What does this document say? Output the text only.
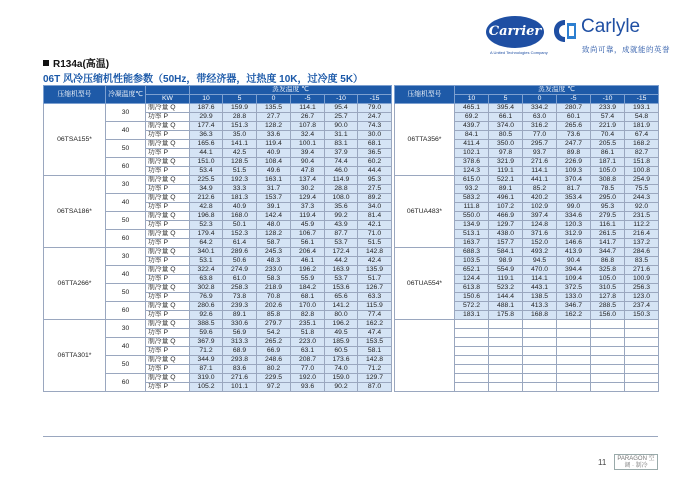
Carrier
A United Technologies Company
Carlyle
致尚可靠，成就能的英誉
R134a(高温)
06T 风冷压缩机性能参数（50Hz，带经济器，过热度 10K，过冷度 5K）
压缩机型号	冷凝温度℃		蒸发温度 ℃					
		KW	10	5	0	-5	-10	-15
06TSA155*	30	制冷量 Q	187.6	159.9	135.5	114.1	95.4	79.0
		功率 P	29.9	28.8	27.7	26.7	25.7	24.7
	40	制冷量 Q	177.4	151.3	128.2	107.8	90.0	74.3
		功率 P	36.3	35.0	33.6	32.4	31.1	30.0
	50	制冷量 Q	165.6	141.1	119.4	100.1	83.1	68.1
		功率 P	44.1	42.5	40.9	39.4	37.9	36.5
	60	制冷量 Q	151.0	128.5	108.4	90.4	74.4	60.2
		功率 P	53.4	51.5	49.6	47.8	46.0	44.4
06TSA186*	30	制冷量 Q	225.5	192.3	163.1	137.4	114.9	95.3
		功率 P	34.9	33.3	31.7	30.2	28.8	27.5
	40	制冷量 Q	212.6	181.3	153.7	129.4	108.0	89.2
		功率 P	42.8	40.9	39.1	37.3	35.6	34.0
	50	制冷量 Q	196.8	168.0	142.4	119.4	99.2	81.4
		功率 P	52.3	50.1	48.0	45.9	43.9	42.1
	60	制冷量 Q	179.4	152.3	128.2	106.7	87.7	71.0
		功率 P	64.2	61.4	58.7	56.1	53.7	51.5
06TTA266*	30	制冷量 Q	340.1	289.6	245.3	206.4	172.4	142.8
		功率 P	53.1	50.6	48.3	46.1	44.2	42.4
	40	制冷量 Q	322.4	274.9	233.0	196.2	163.9	135.9
		功率 P	63.8	61.0	58.3	55.9	53.7	51.7
	50	制冷量 Q	302.8	258.3	218.9	184.2	153.6	126.7
		功率 P	76.9	73.8	70.8	68.1	65.6	63.3
	60	制冷量 Q	280.6	239.3	202.6	170.0	141.2	115.9
		功率 P	92.6	89.1	85.8	82.8	80.0	77.4
06TTA301*	30	制冷量 Q	388.5	330.6	279.7	235.1	196.2	162.2
		功率 P	59.6	56.9	54.2	51.8	49.5	47.4
	40	制冷量 Q	367.9	313.3	265.2	223.0	185.9	153.5
		功率 P	71.2	68.9	66.9	63.1	60.5	58.1
	50	制冷量 Q	344.9	293.8	248.6	208.7	173.6	142.8
		功率 P	87.1	83.6	80.2	77.0	74.0	71.2
	60	制冷量 Q	319.0	271.6	229.5	192.0	159.0	129.7
		功率 P	105.2	101.1	97.2	93.6	90.2	87.0
压缩机型号	蒸发温度 ℃					
	10	5	0	-5	-10	-15
06TTA356*	465.1	395.4	334.2	280.7	233.9	193.1
	69.2	66.1	63.0	60.1	57.4	54.8
	439.7	374.0	316.2	265.6	221.9	181.9
	84.1	80.5	77.0	73.6	70.4	67.4
	411.4	350.0	295.7	247.7	205.5	168.2
	102.1	97.8	93.7	89.8	86.1	82.7
	378.6	321.9	271.6	226.9	187.1	151.8
	124.3	119.1	114.1	109.3	105.0	100.8
06TUA483*	615.0	522.1	441.1	370.4	308.8	254.9
	93.2	89.1	85.2	81.7	78.5	75.5
	583.2	496.1	420.2	353.4	295.0	244.3
	111.8	107.2	102.9	99.0	95.3	92.0
	550.0	466.9	397.4	334.6	279.5	231.5
	134.9	129.7	124.8	120.3	116.1	112.2
	513.1	438.0	371.6	312.9	261.5	216.4
	163.7	157.7	152.0	146.6	141.7	137.2
06TUA554*	688.3	584.1	493.2	413.9	344.7	284.6
	103.5	98.9	94.5	90.4	86.8	83.5
	652.1	554.9	470.0	394.4	325.8	271.6
	124.4	119.1	114.1	109.4	105.0	100.9
	613.8	523.2	443.1	372.5	310.5	256.3
	150.6	144.4	138.5	133.0	127.8	123.0
	572.2	488.1	413.3	346.7	288.5	237.4
	183.1	175.8	168.8	162.2	156.0	150.3

11	PARAGON 空调 · 制冷
